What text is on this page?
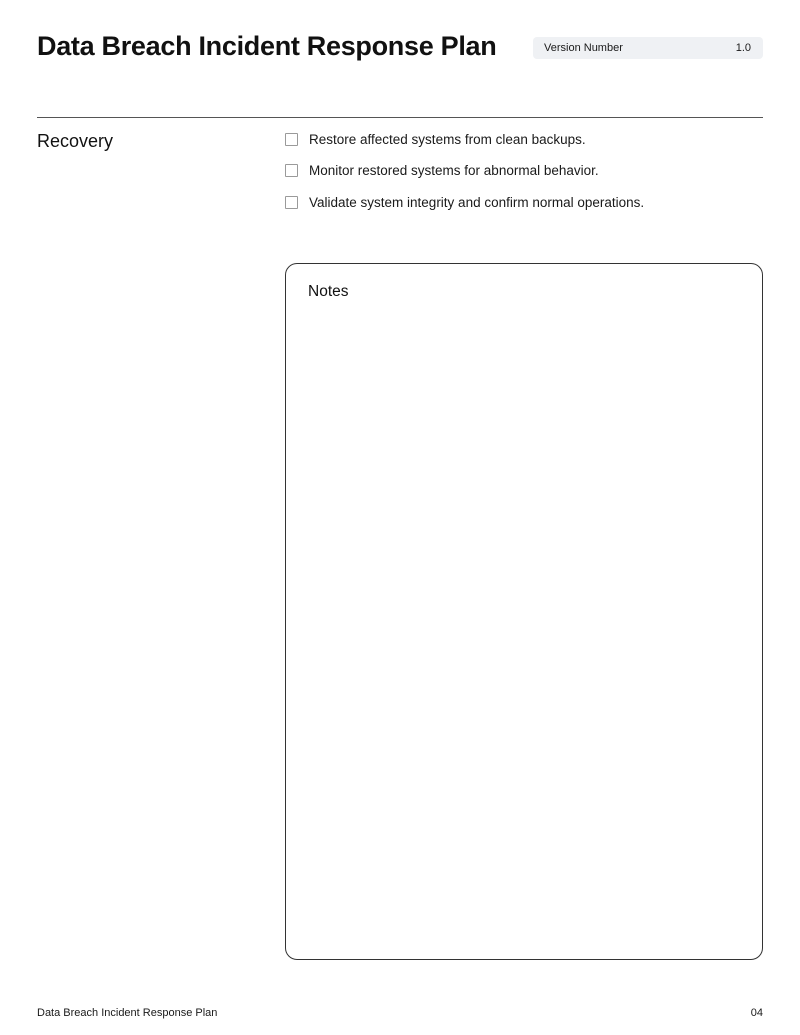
Data Breach Incident Response Plan	Version Number	1.0
Recovery	Restore affected systems from clean backups.
Monitor restored systems for abnormal behavior.
Validate system integrity and confirm normal operations.
Notes
Data Breach Incident Response Plan	04
